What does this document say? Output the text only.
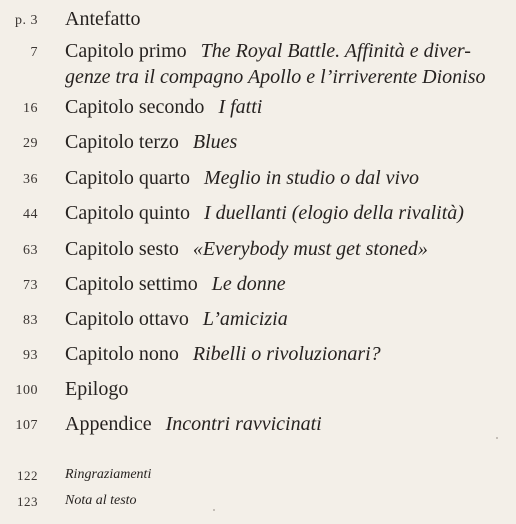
p. 3 Antefatto
7 Capitolo primo The Royal Battle. Affinità e diver-
genze tra il compagno Apollo e l’irriverente Dioniso
16 Capitolo secondo I fatti
29 Capitolo terzo Blues
36 Capitolo quarto Meglio in studio o dal vivo
44 Capitolo quinto I duellanti (elogio della rivalità)
63 Capitolo sesto «Everybody must get stoned»
73 Capitolo settimo Le donne
83 Capitolo ottavo L’amicizia
93 Capitolo nono Ribelli o rivoluzionari?
100 Epilogo
107 Appendice Incontri ravvicinati
122 Ringraziamenti
123 Nota al testo
